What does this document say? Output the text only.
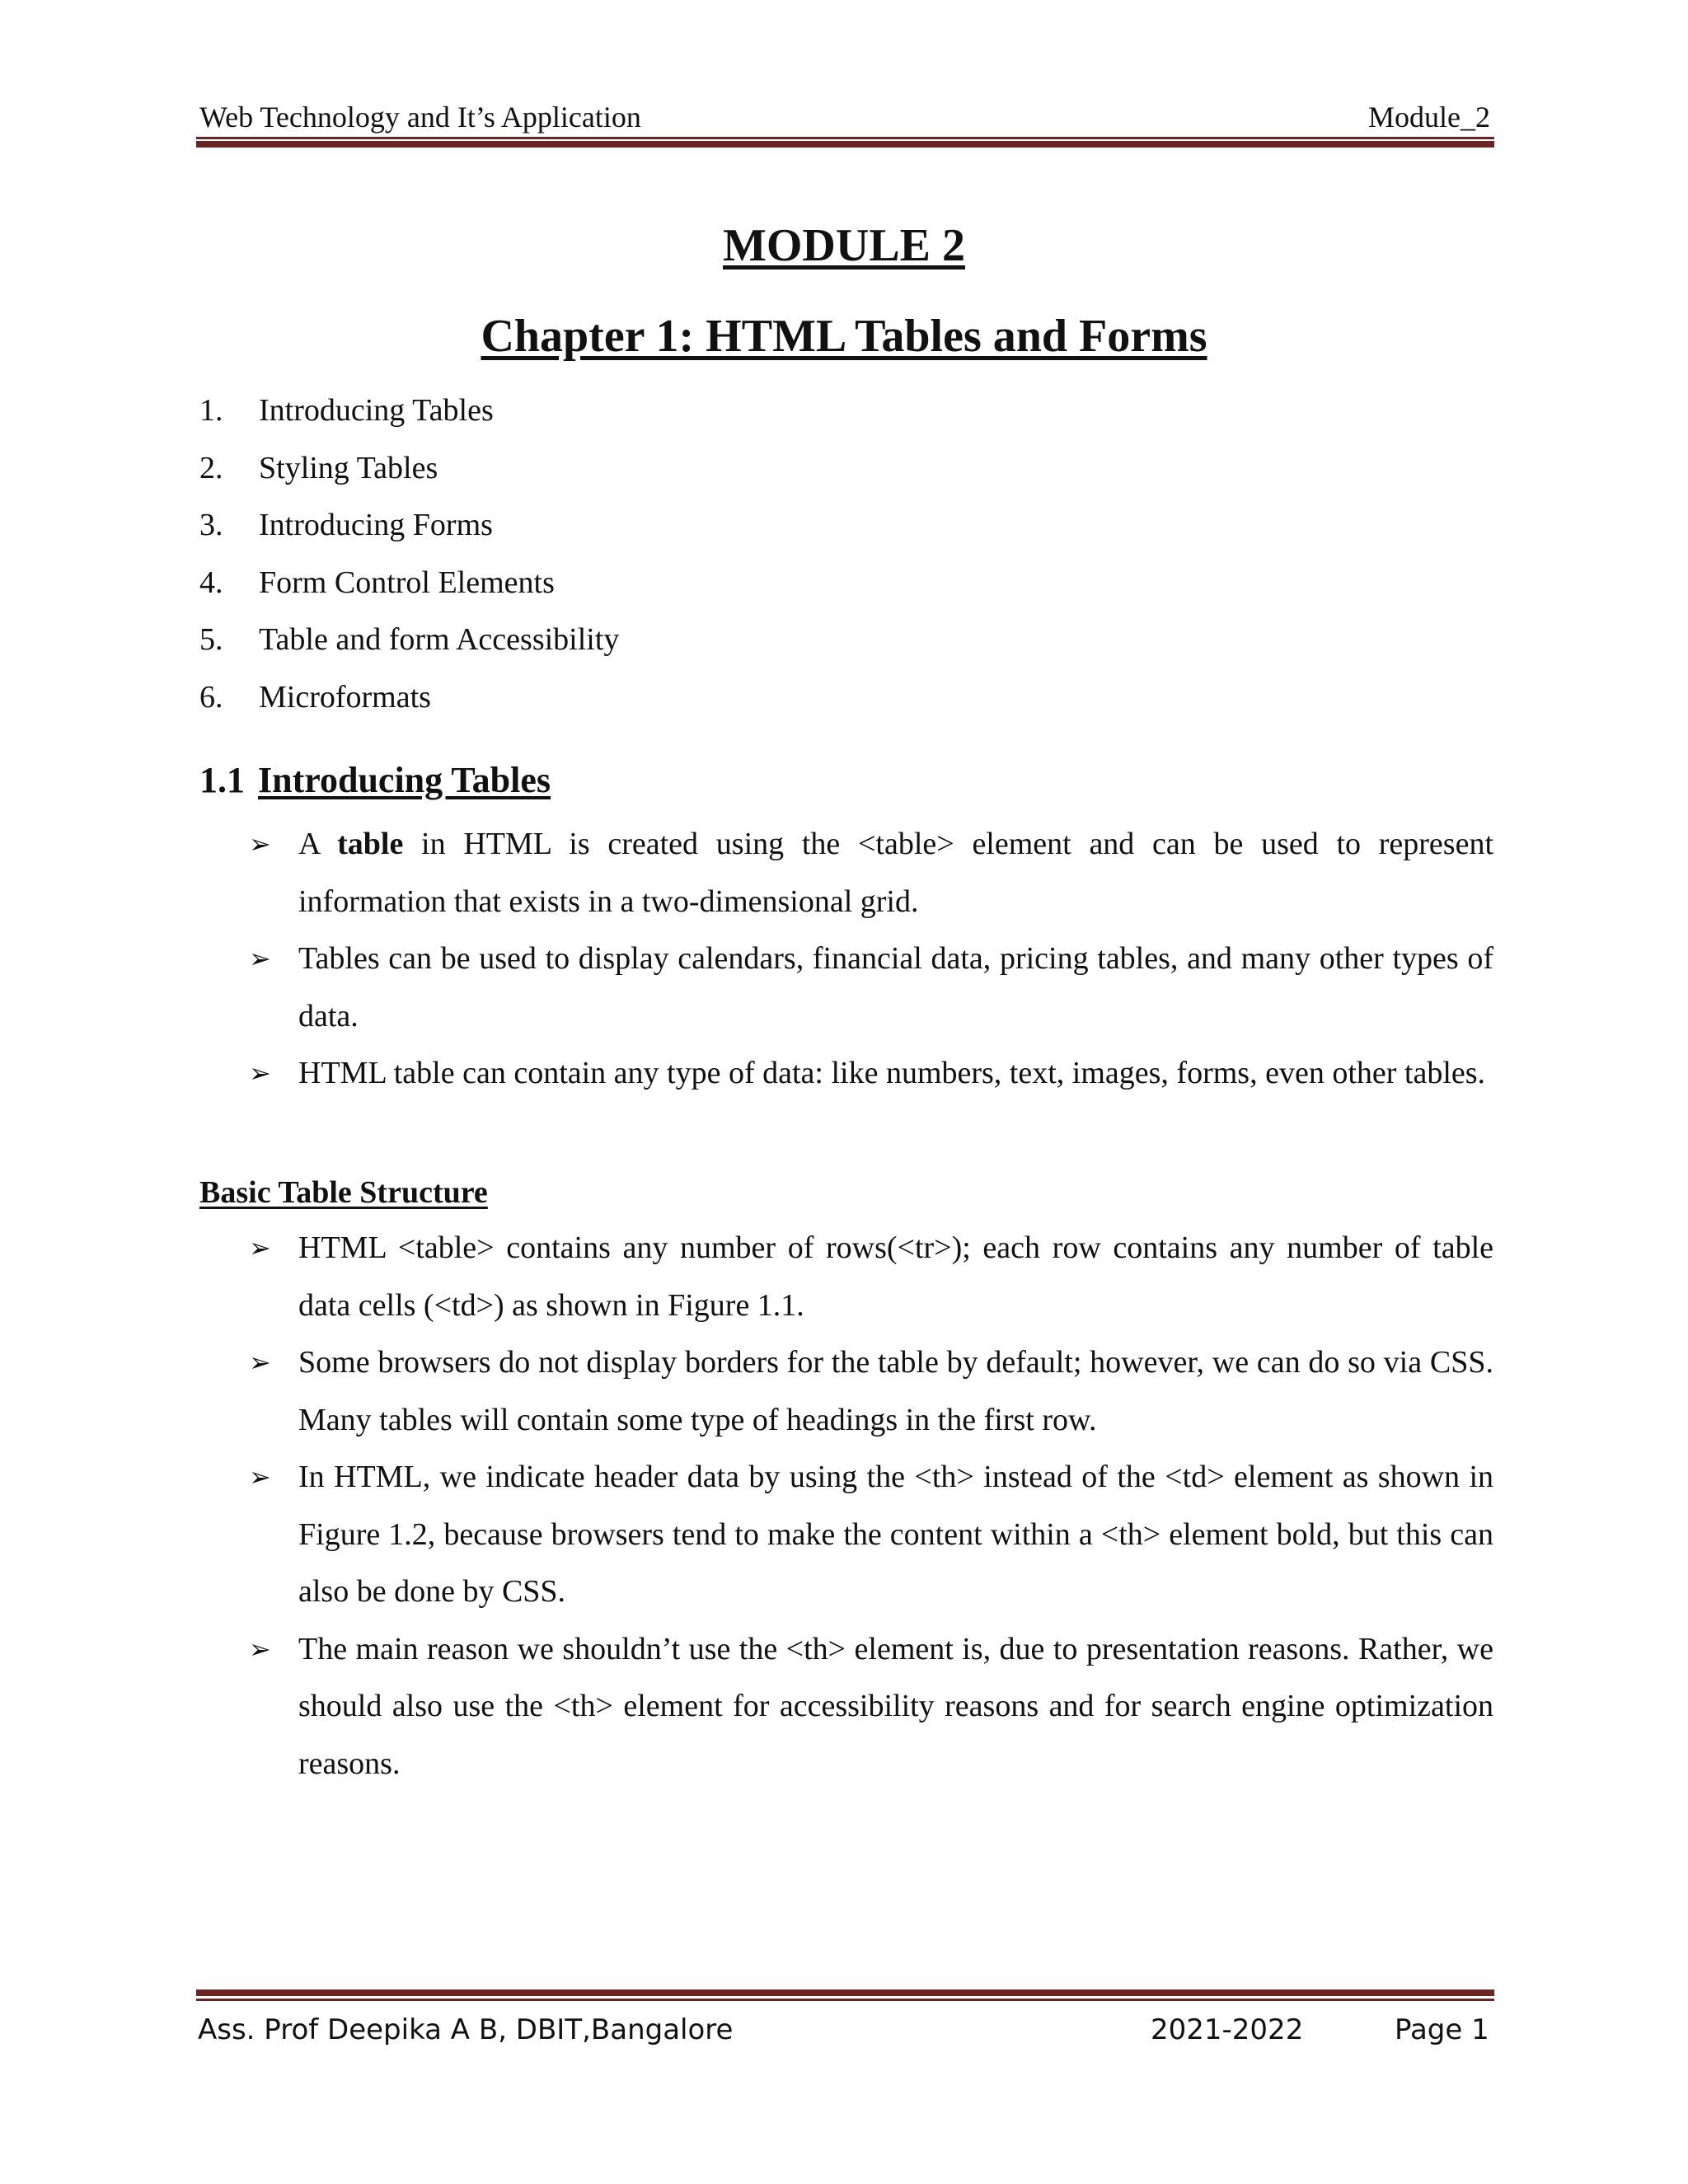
Web Technology and It’s Application	Module_2
MODULE 2
Chapter 1: HTML Tables and Forms
1. Introducing Tables
2. Styling Tables
3. Introducing Forms
4. Form Control Elements
5. Table and form Accessibility
6. Microformats
1.1 Introducing Tables
➢ A table in HTML is created using the <table> element and can be used to represent information that exists in a two-dimensional grid.
➢ Tables can be used to display calendars, financial data, pricing tables, and many other types of data.
➢ HTML table can contain any type of data: like numbers, text, images, forms, even other tables.
Basic Table Structure
➢ HTML <table> contains any number of rows(<tr>); each row contains any number of table data cells (<td>) as shown in Figure 1.1.
➢ Some browsers do not display borders for the table by default; however, we can do so via CSS. Many tables will contain some type of headings in the first row.
➢ In HTML, we indicate header data by using the <th> instead of the <td> element as shown in Figure 1.2, because browsers tend to make the content within a <th> element bold, but this can also be done by CSS.
➢ The main reason we shouldn’t use the <th> element is, due to presentation reasons. Rather, we should also use the <th> element for accessibility reasons and for search engine optimization reasons.
Ass. Prof Deepika A B, DBIT,Bangalore	2021-2022	Page 1
